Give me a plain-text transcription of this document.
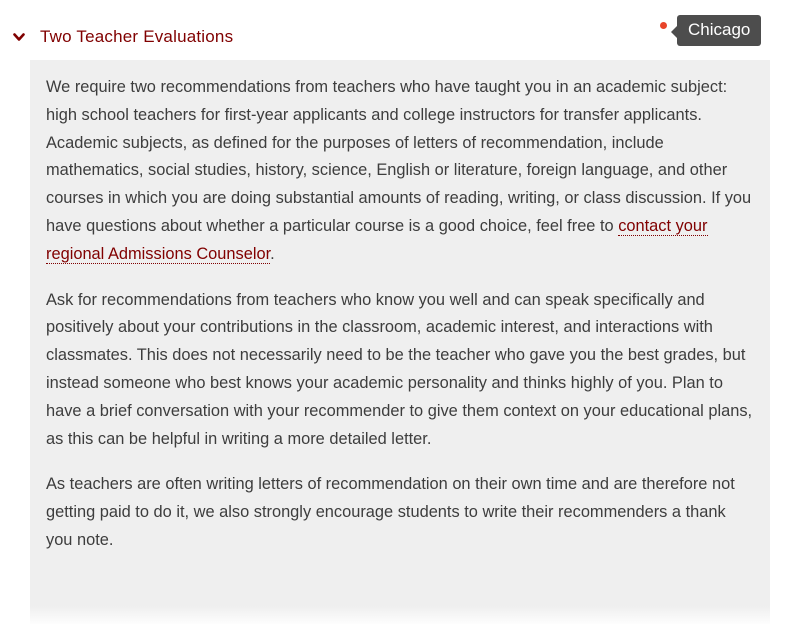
Two Teacher Evaluations	Chicago

We require two recommendations from teachers who have taught you in an academic subject: high school teachers for first-year applicants and college instructors for transfer applicants. Academic subjects, as defined for the purposes of letters of recommendation, include mathematics, social studies, history, science, English or literature, foreign language, and other courses in which you are doing substantial amounts of reading, writing, or class discussion. If you have questions about whether a particular course is a good choice, feel free to contact your regional Admissions Counselor.

Ask for recommendations from teachers who know you well and can speak specifically and positively about your contributions in the classroom, academic interest, and interactions with classmates. This does not necessarily need to be the teacher who gave you the best grades, but instead someone who best knows your academic personality and thinks highly of you. Plan to have a brief conversation with your recommender to give them context on your educational plans, as this can be helpful in writing a more detailed letter.

As teachers are often writing letters of recommendation on their own time and are therefore not getting paid to do it, we also strongly encourage students to write their recommenders a thank you note.
